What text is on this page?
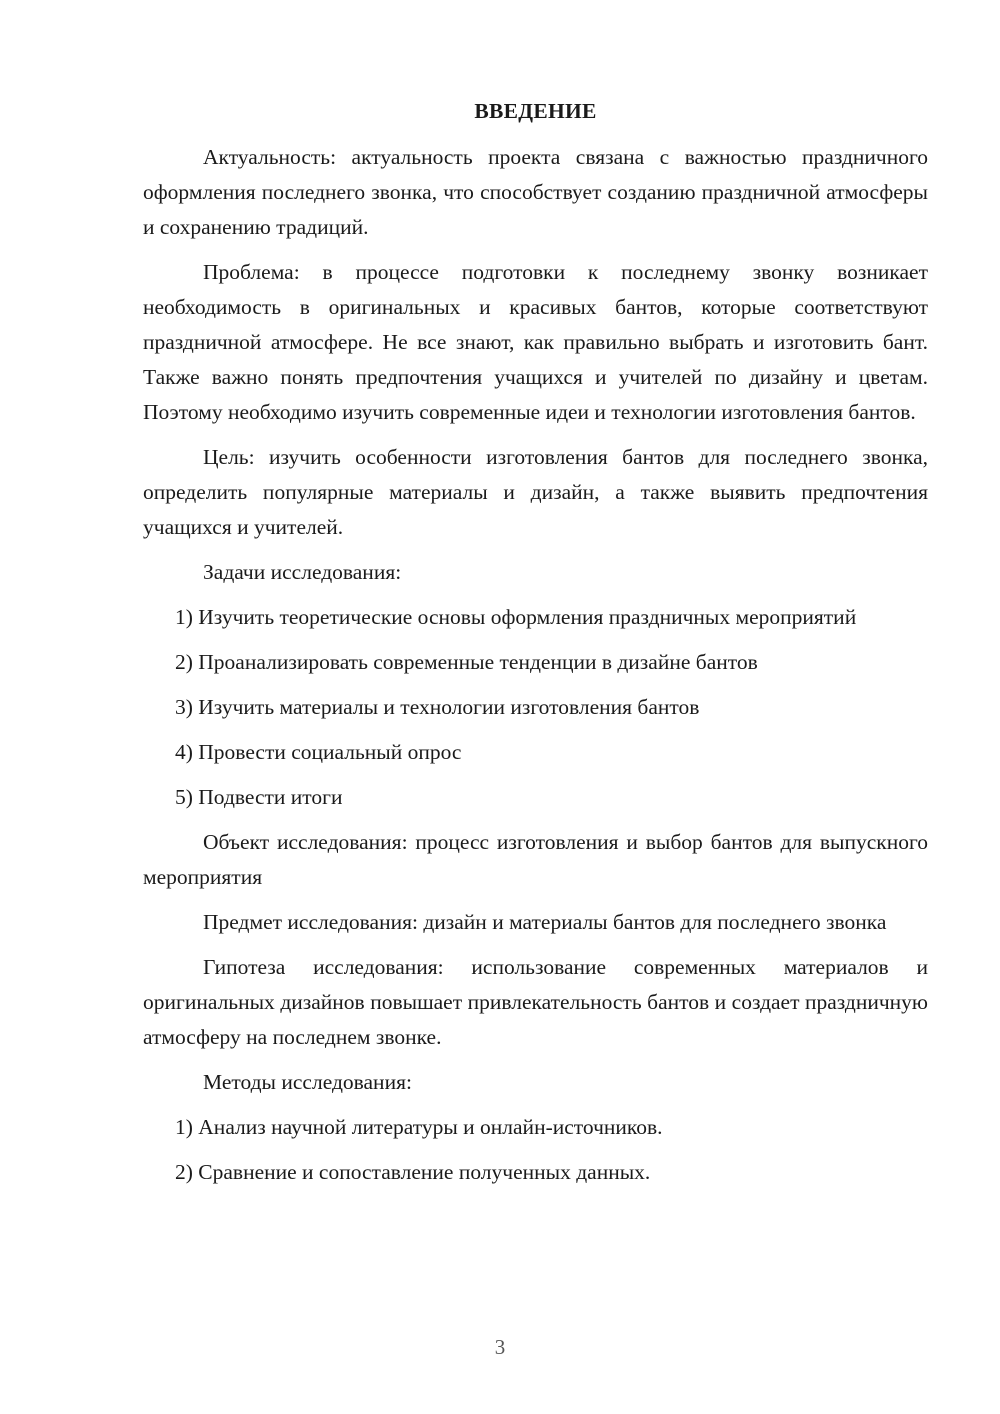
ВВЕДЕНИЕ

Актуальность: актуальность проекта связана с важностью праздничного оформления последнего звонка, что способствует созданию праздничной атмосферы и сохранению традиций.

Проблема: в процессе подготовки к последнему звонку возникает необходимость в оригинальных и красивых бантов, которые соответствуют праздничной атмосфере. Не все знают, как правильно выбрать и изготовить бант. Также важно понять предпочтения учащихся и учителей по дизайну и цветам. Поэтому необходимо изучить современные идеи и технологии изготовления бантов.

Цель: изучить особенности изготовления бантов для последнего звонка, определить популярные материалы и дизайн, а также выявить предпочтения учащихся и учителей.

Задачи исследования:

1) Изучить теоретические основы оформления праздничных мероприятий

2) Проанализировать современные тенденции в дизайне бантов

3) Изучить материалы и технологии изготовления бантов

4) Провести социальный опрос

5) Подвести итоги

Объект исследования: процесс изготовления и выбор бантов для выпускного мероприятия

Предмет исследования: дизайн и материалы бантов для последнего звонка

Гипотеза исследования: использование современных материалов и оригинальных дизайнов повышает привлекательность бантов и создает праздничную атмосферу на последнем звонке.

Методы исследования:

1) Анализ научной литературы и онлайн-источников.

2) Сравнение и сопоставление полученных данных.

3
